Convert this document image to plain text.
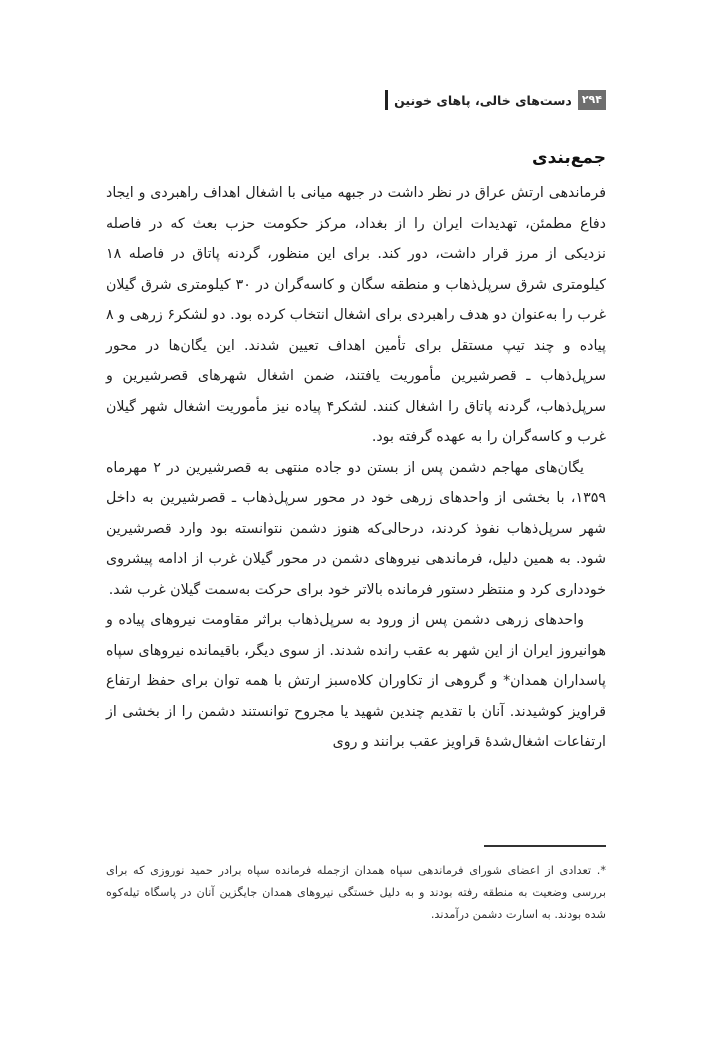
۲۹۴
دست‌های خالی، پاهای خونین
جمع‌بندی

فرماندهی ارتش عراق در نظر داشت در جبهه میانی با اشغال اهداف راهبردی و ایجاد دفاع مطمئن، تهدیدات ایران را از بغداد، مرکز حکومت حزب بعث که در فاصله نزدیکی از مرز قرار داشت، دور کند. برای این منظور، گردنه پاتاق در فاصله ۱۸ کیلومتری شرق سرپل‌ذهاب و منطقه سگان و کاسه‌گران در ۳۰ کیلومتری شرق گیلان غرب را به‌عنوان دو هدف راهبردی برای اشغال انتخاب کرده بود. دو لشکر۶ زرهی و ۸ پیاده و چند تیپ مستقل برای تأمین اهداف تعیین شدند. این یگان‌ها در محور سرپل‌ذهاب ـ قصرشیرین مأموریت یافتند، ضمن اشغال شهرهای قصرشیرین و سرپل‌ذهاب، گردنه پاتاق را اشغال کنند. لشکر۴ پیاده نیز مأموریت اشغال شهر گیلان غرب و کاسه‌گران را به عهده گرفته بود.

یگان‌های مهاجم دشمن پس از بستن دو جاده منتهی به قصرشیرین در ۲ مهرماه ۱۳۵۹، با بخشی از واحدهای زرهی خود در محور سرپل‌ذهاب ـ قصرشیرین به داخل شهر سرپل‌ذهاب نفوذ کردند، درحالی‌که هنوز دشمن نتوانسته بود وارد قصرشیرین شود. به همین دلیل، فرماندهی نیروهای دشمن در محور گیلان غرب از ادامه پیشروی خودداری کرد و منتظر دستور فرمانده بالاتر خود برای حرکت به‌سمت گیلان غرب شد.

واحدهای زرهی دشمن پس از ورود به سرپل‌ذهاب براثر مقاومت نیروهای پیاده و هوانیروز ایران از این شهر به عقب رانده شدند. از سوی دیگر، باقیمانده نیروهای سپاه پاسداران همدان* و گروهی از تکاوران کلاه‌سبز ارتش با همه توان برای حفظ ارتفاع قراویز کوشیدند. آنان با تقدیم چندین شهید یا مجروح توانستند دشمن را از بخشی از ارتفاعات اشغال‌شدهٔ قراویز عقب برانند و روی

*. تعدادی از اعضای شورای فرماندهی سپاه همدان ازجمله فرمانده سپاه برادر حمید نوروزی که برای بررسی وضعیت به منطقه رفته بودند و به دلیل خستگی نیروهای همدان جایگزین آنان در پاسگاه تیله‌کوه شده بودند. به اسارت دشمن درآمدند.
